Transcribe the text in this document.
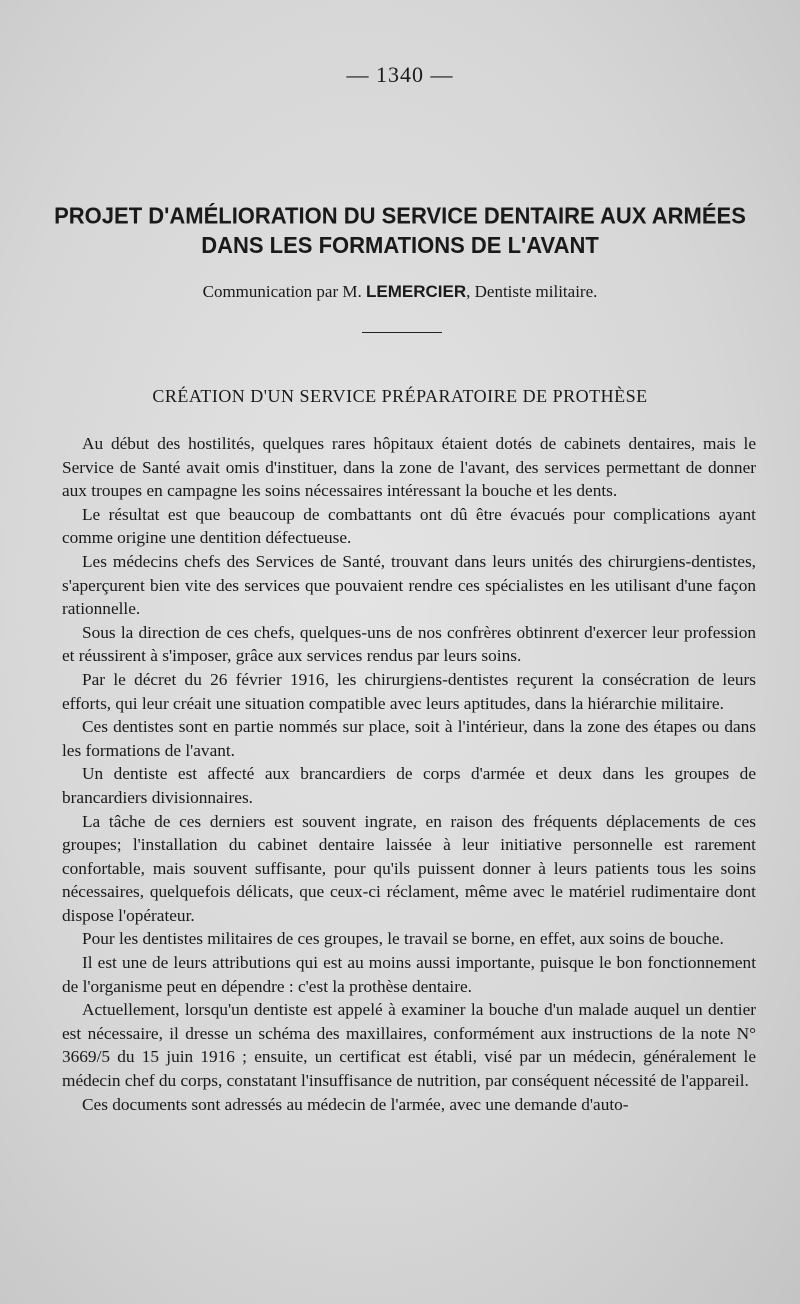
— 1340 —
PROJET D'AMÉLIORATION DU SERVICE DENTAIRE AUX ARMÉES
DANS LES FORMATIONS DE L'AVANT
Communication par M. LEMERCIER, Dentiste militaire.
CRÉATION D'UN SERVICE PRÉPARATOIRE DE PROTHÈSE

Au début des hostilités, quelques rares hôpitaux étaient dotés de cabinets dentaires, mais le Service de Santé avait omis d'instituer, dans la zone de l'avant, des services permettant de donner aux troupes en campagne les soins nécessaires intéressant la bouche et les dents.

Le résultat est que beaucoup de combattants ont dû être évacués pour complications ayant comme origine une dentition défectueuse.

Les médecins chefs des Services de Santé, trouvant dans leurs unités des chirurgiens-dentistes, s'aperçurent bien vite des services que pouvaient rendre ces spécialistes en les utilisant d'une façon rationnelle.

Sous la direction de ces chefs, quelques-uns de nos confrères obtinrent d'exercer leur profession et réussirent à s'imposer, grâce aux services rendus par leurs soins.

Par le décret du 26 février 1916, les chirurgiens-dentistes reçurent la consécration de leurs efforts, qui leur créait une situation compatible avec leurs aptitudes, dans la hiérarchie militaire.

Ces dentistes sont en partie nommés sur place, soit à l'intérieur, dans la zone des étapes ou dans les formations de l'avant.

Un dentiste est affecté aux brancardiers de corps d'armée et deux dans les groupes de brancardiers divisionnaires.

La tâche de ces derniers est souvent ingrate, en raison des fréquents déplacements de ces groupes; l'installation du cabinet dentaire laissée à leur initiative personnelle est rarement confortable, mais souvent suffisante, pour qu'ils puissent donner à leurs patients tous les soins nécessaires, quelquefois délicats, que ceux-ci réclament, même avec le matériel rudimentaire dont dispose l'opérateur.

Pour les dentistes militaires de ces groupes, le travail se borne, en effet, aux soins de bouche.

Il est une de leurs attributions qui est au moins aussi importante, puisque le bon fonctionnement de l'organisme peut en dépendre : c'est la prothèse dentaire.

Actuellement, lorsqu'un dentiste est appelé à examiner la bouche d'un malade auquel un dentier est nécessaire, il dresse un schéma des maxillaires, conformément aux instructions de la note N° 3669/5 du 15 juin 1916 ; ensuite, un certificat est établi, visé par un médecin, généralement le médecin chef du corps, constatant l'insuffisance de nutrition, par conséquent nécessité de l'appareil.

Ces documents sont adressés au médecin de l'armée, avec une demande d'auto-
